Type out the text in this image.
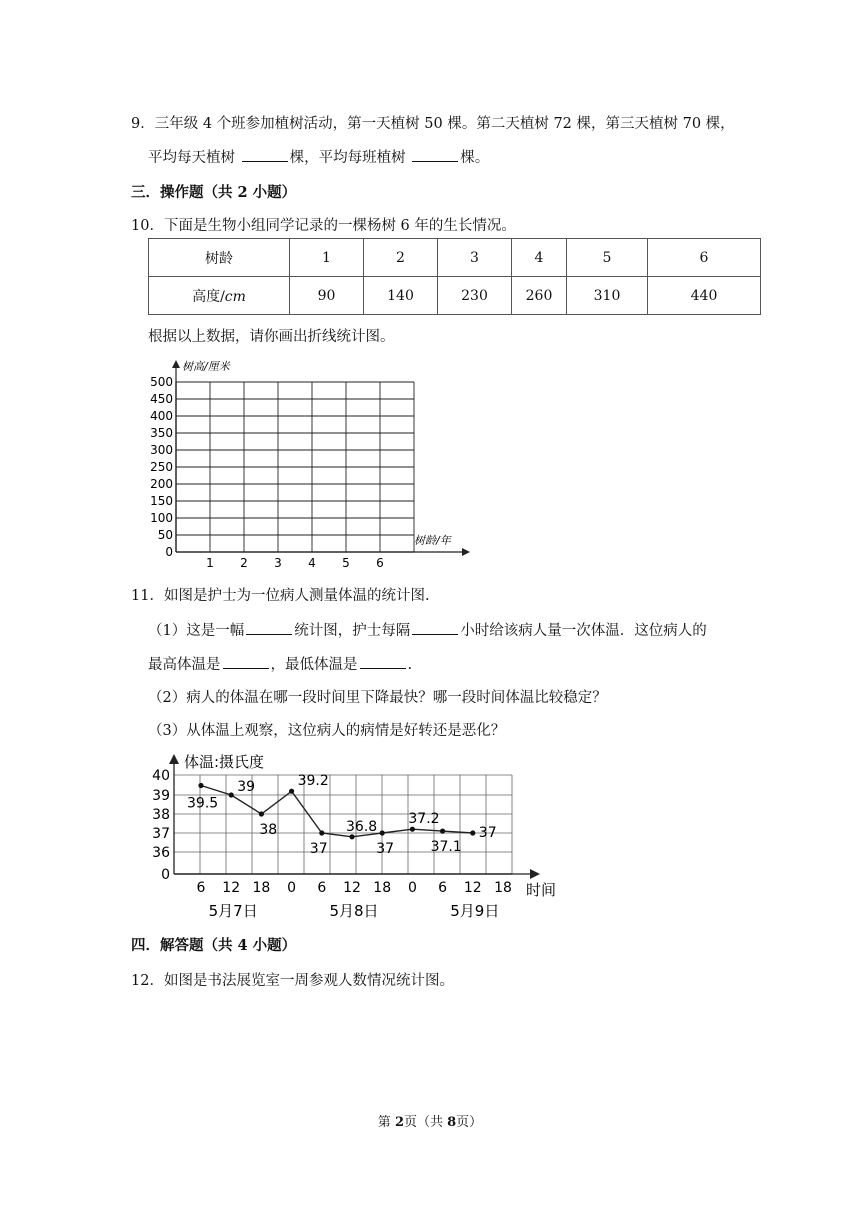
9．三年级 4 个班参加植树活动，第一天植树 50 棵。第二天植树 72 棵，第三天植树 70 棵，
平均每天植树	棵，平均每班植树	棵。
三．操作题（共 2 小题）
10．下面是生物小组同学记录的一棵杨树 6 年的生长情况。
树龄	1	2	3	4	5	6
高度/cm	90	140	230	260	310	440
根据以上数据，请你画出折线统计图。
树高/厘米
树龄/年
0
50
100
150
200
250
300
350
400
450
500
1 2 3 4 5 6
11．如图是护士为一位病人测量体温的统计图.
（1）这是一幅	统计图，护士每隔	小时给该病人量一次体温．这位病人的
最高体温是	，最低体温是	.
（2）病人的体温在哪一段时间里下降最快？哪一段时间体温比较稳定？
（3）从体温上观察，这位病人的病情是好转还是恶化？
体温:摄氏度
时间
0
36
37
38
39
40
6 12 18 0 6 12 18 0 6 12 18
5月7日	5月8日	5月9日
39.5
39
38
39.2
37
36.8
37
37.2
37.1
37
四．解答题（共 4 小题）
12．如图是书法展览室一周参观人数情况统计图。
第 2页（共 8页）
